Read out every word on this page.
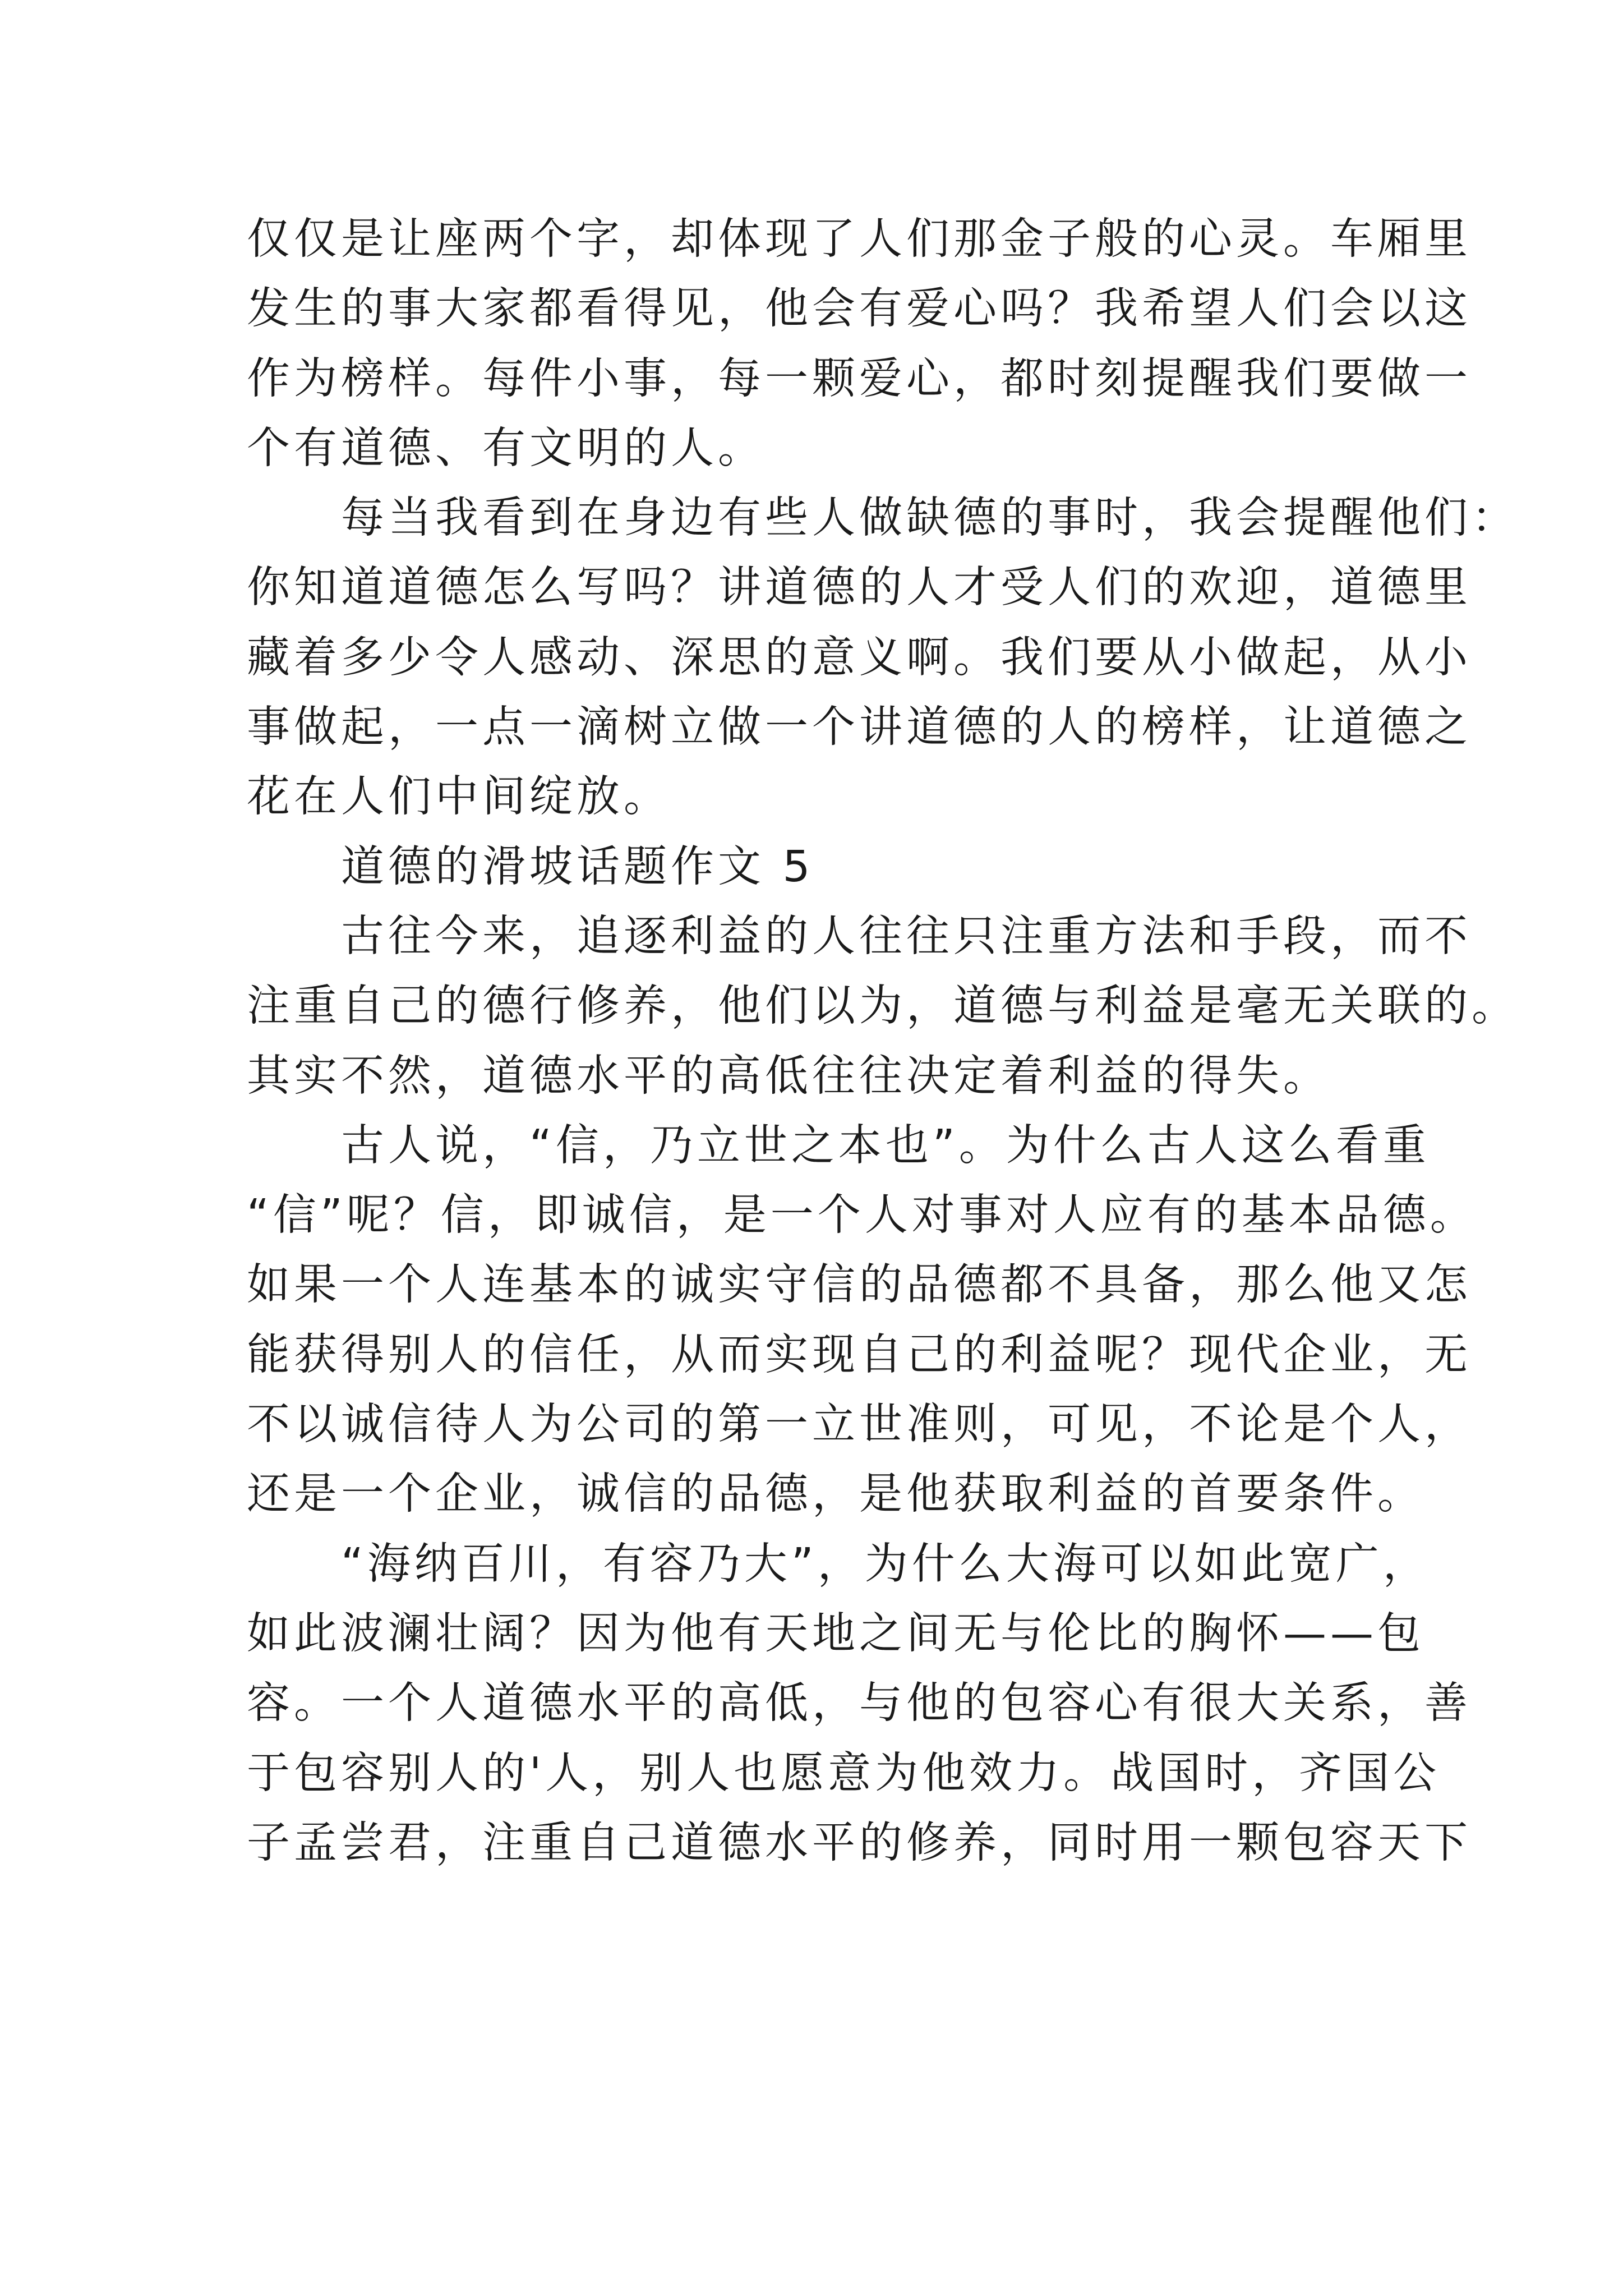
仅仅是让座两个字，却体现了人们那金子般的心灵。车厢里
发生的事大家都看得见，他会有爱心吗？我希望人们会以这
作为榜样。每件小事，每一颗爱心，都时刻提醒我们要做一
个有道德、有文明的人。
每当我看到在身边有些人做缺德的事时，我会提醒他们：
你知道道德怎么写吗？讲道德的人才受人们的欢迎，道德里
藏着多少令人感动、深思的意义啊。我们要从小做起，从小
事做起，一点一滴树立做一个讲道德的人的榜样，让道德之
花在人们中间绽放。
道德的滑坡话题作文 5
古往今来，追逐利益的人往往只注重方法和手段，而不
注重自己的德行修养，他们以为，道德与利益是毫无关联的。
其实不然，道德水平的高低往往决定着利益的得失。
古人说，“信，乃立世之本也”。为什么古人这么看重
“信”呢？信，即诚信，是一个人对事对人应有的基本品德。
如果一个人连基本的诚实守信的品德都不具备，那么他又怎
能获得别人的信任，从而实现自己的利益呢？现代企业，无
不以诚信待人为公司的第一立世准则，可见，不论是个人，
还是一个企业，诚信的品德，是他获取利益的首要条件。
“海纳百川，有容乃大”，为什么大海可以如此宽广，
如此波澜壮阔？因为他有天地之间无与伦比的胸怀——包
容。一个人道德水平的高低，与他的包容心有很大关系，善
于包容别人的'人，别人也愿意为他效力。战国时，齐国公
子孟尝君，注重自己道德水平的修养，同时用一颗包容天下
